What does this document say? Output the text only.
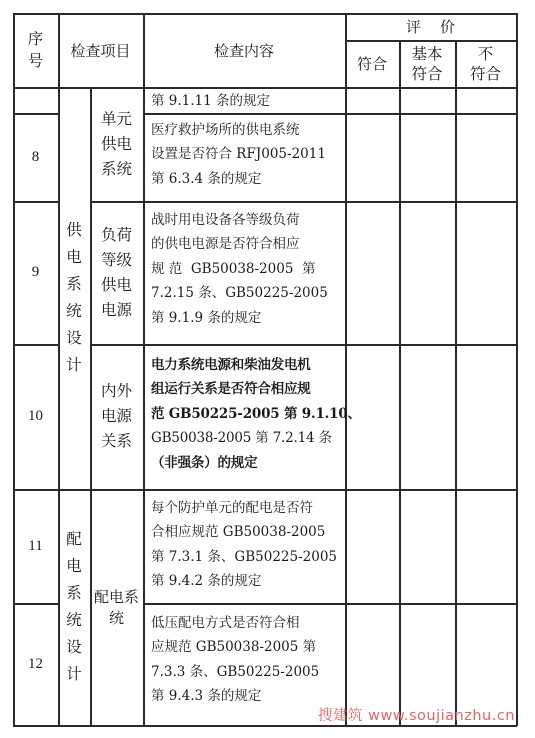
序
号
检查项目	检查内容
评    价
符合
基本
符合
不
符合
8
9
10
11
12
供
电
系
统
设
计
配
电
系
统
设
计
单元
供电
系统
负荷
等级
供电
电源
内外
电源
关系
配电系统
第 9.1.11 条的规定
医疗救护场所的供电系统
设置是否符合 RFJ005-2011
第 6.3.4 条的规定
战时用电设备各等级负荷
的供电电源是否符合相应
规 范  GB50038-2005  第
7.2.15 条、GB50225-2005
第 9.1.9 条的规定
电力系统电源和柴油发电机
组运行关系是否符合相应规
范 GB50225-2005 第 9.1.10、
GB50038-2005 第 7.2.14 条
（非强条）的规定
每个防护单元的配电是否符
合相应规范 GB50038-2005
第 7.3.1 条、GB50225-2005
第 9.4.2 条的规定
低压配电方式是否符合相
应规范 GB50038-2005 第
7.3.3 条、GB50225-2005
第 9.4.3 条的规定
搜建筑 www.soujianzhu.cn
